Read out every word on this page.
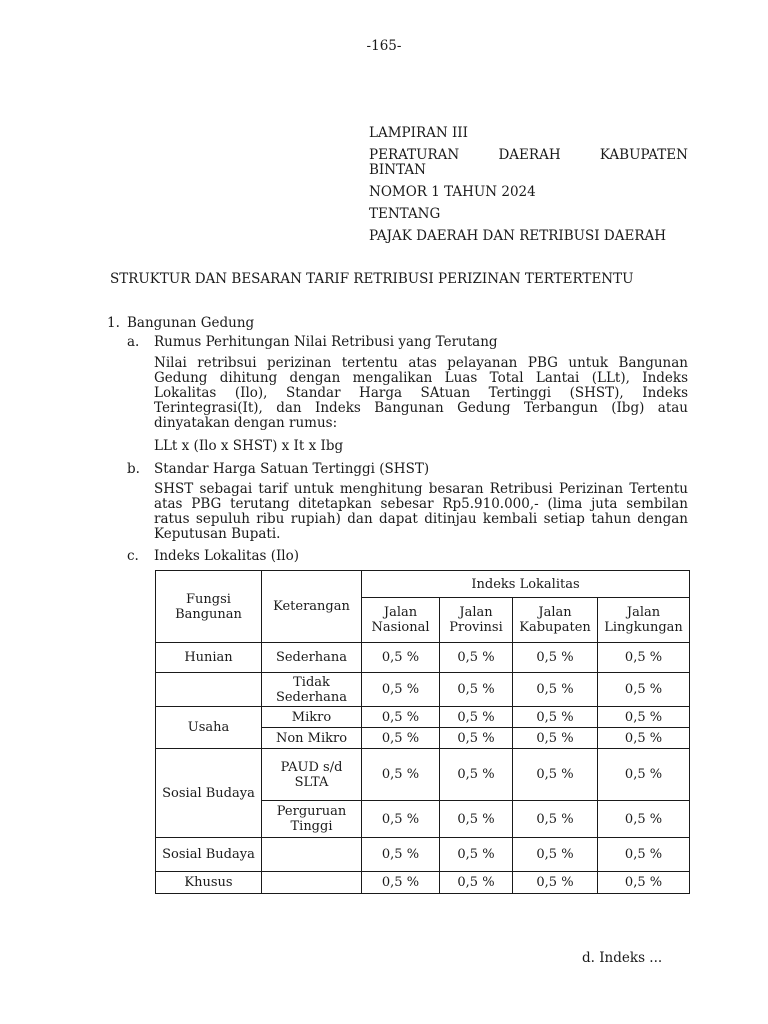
-165-
LAMPIRAN III
PERATURAN	DAERAH	KABUPATEN
BINTAN
NOMOR 1 TAHUN 2024
TENTANG
PAJAK DAERAH DAN RETRIBUSI DAERAH
STRUKTUR DAN BESARAN TARIF RETRIBUSI PERIZINAN TERTERTENTU
1. Bangunan Gedung
a. Rumus Perhitungan Nilai Retribusi yang Terutang
Nilai retribsui perizinan tertentu atas pelayanan PBG untuk Bangunan Gedung dihitung dengan mengalikan Luas Total Lantai (LLt), Indeks Lokalitas (Ilo), Standar Harga SAtuan Tertinggi (SHST), Indeks Terintegrasi(It), dan Indeks Bangunan Gedung Terbangun (Ibg) atau dinyatakan dengan rumus:
LLt x (Ilo x SHST) x It x Ibg
b. Standar Harga Satuan Tertinggi (SHST)
SHST sebagai tarif untuk menghitung besaran Retribusi Perizinan Tertentu atas PBG terutang ditetapkan sebesar Rp5.910.000,- (lima juta sembilan ratus sepuluh ribu rupiah) dan dapat ditinjau kembali setiap tahun dengan Keputusan Bupati.
c. Indeks Lokalitas (Ilo)
Fungsi Bangunan	Keterangan	Indeks Lokalitas			
		Jalan Nasional	Jalan Provinsi	Jalan Kabupaten	Jalan Lingkungan
Hunian	Sederhana	0,5 %	0,5 %	0,5 %	0,5 %
	Tidak Sederhana	0,5 %	0,5 %	0,5 %	0,5 %
Usaha	Mikro	0,5 %	0,5 %	0,5 %	0,5 %
	Non Mikro	0,5 %	0,5 %	0,5 %	0,5 %
Sosial Budaya	PAUD s/d SLTA	0,5 %	0,5 %	0,5 %	0,5 %
	Perguruan Tinggi	0,5 %	0,5 %	0,5 %	0,5 %
Sosial Budaya		0,5 %	0,5 %	0,5 %	0,5 %
Khusus		0,5 %	0,5 %	0,5 %	0,5 %
d. Indeks ...
